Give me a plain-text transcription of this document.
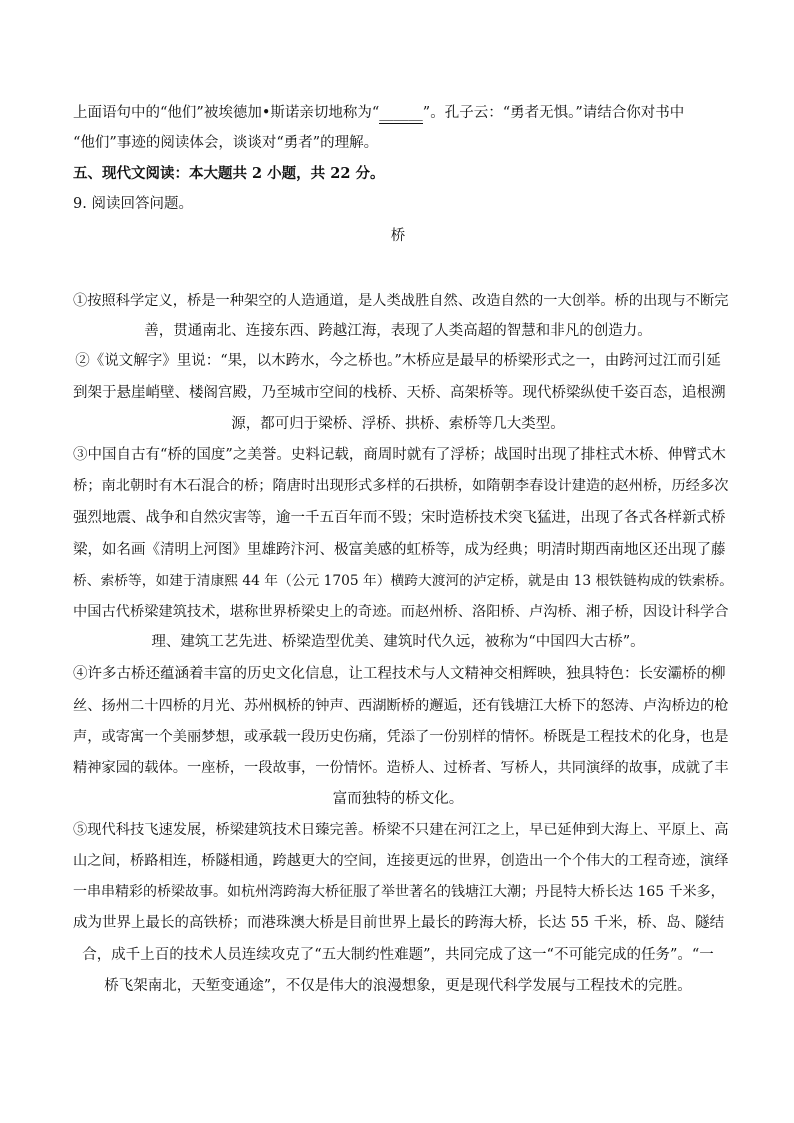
上面语句中的“他们”被埃德加•斯诺亲切地称为“______”。孔子云：“勇者无惧。”请结合你对书中
“他们”事迹的阅读体会，谈谈对“勇者”的理解。
五、现代文阅读：本大题共 2 小题，共 22 分。
9. 阅读回答问题。
桥
①按照科学定义，桥是一种架空的人造通道，是人类战胜自然、改造自然的一大创举。桥的出现与不断完
善，贯通南北、连接东西、跨越江海，表现了人类高超的智慧和非凡的创造力。
②《说文解字》里说：“果，以木跨水，今之桥也。”木桥应是最早的桥梁形式之一，由跨河过江而引延
到架于悬崖峭壁、楼阁宫殿，乃至城市空间的栈桥、天桥、高架桥等。现代桥梁纵使千姿百态，追根溯
源，都可归于梁桥、浮桥、拱桥、索桥等几大类型。
③中国自古有“桥的国度”之美誉。史料记载，商周时就有了浮桥；战国时出现了排柱式木桥、伸臂式木
桥；南北朝时有木石混合的桥；隋唐时出现形式多样的石拱桥，如隋朝李春设计建造的赵州桥，历经多次
强烈地震、战争和自然灾害等，逾一千五百年而不毁；宋时造桥技术突飞猛进，出现了各式各样新式桥
梁，如名画《清明上河图》里雄跨汴河、极富美感的虹桥等，成为经典；明清时期西南地区还出现了藤
桥、索桥等，如建于清康熙 44 年（公元 1705 年）横跨大渡河的泸定桥，就是由 13 根铁链构成的铁索桥。
中国古代桥梁建筑技术，堪称世界桥梁史上的奇迹。而赵州桥、洛阳桥、卢沟桥、湘子桥，因设计科学合
理、建筑工艺先进、桥梁造型优美、建筑时代久远，被称为“中国四大古桥”。
④许多古桥还蕴涵着丰富的历史文化信息，让工程技术与人文精神交相辉映，独具特色：长安灞桥的柳
丝、扬州二十四桥的月光、苏州枫桥的钟声、西湖断桥的邂逅，还有钱塘江大桥下的怒涛、卢沟桥边的枪
声，或寄寓一个美丽梦想，或承载一段历史伤痛，凭添了一份别样的情怀。桥既是工程技术的化身，也是
精神家园的载体。一座桥，一段故事，一份情怀。造桥人、过桥者、写桥人，共同演绎的故事，成就了丰
富而独特的桥文化。
⑤现代科技飞速发展，桥梁建筑技术日臻完善。桥梁不只建在河江之上，早已延伸到大海上、平原上、高
山之间，桥路相连，桥隧相通，跨越更大的空间，连接更远的世界，创造出一个个伟大的工程奇迹，演绎
一串串精彩的桥梁故事。如杭州湾跨海大桥征服了举世著名的钱塘江大潮；丹昆特大桥长达 165 千米多，
成为世界上最长的高铁桥；而港珠澳大桥是目前世界上最长的跨海大桥，长达 55 千米，桥、岛、隧结
合，成千上百的技术人员连续攻克了“五大制约性难题”，共同完成了这一“不可能完成的任务”。“一
桥飞架南北，天堑变通途”，不仅是伟大的浪漫想象，更是现代科学发展与工程技术的完胜。
